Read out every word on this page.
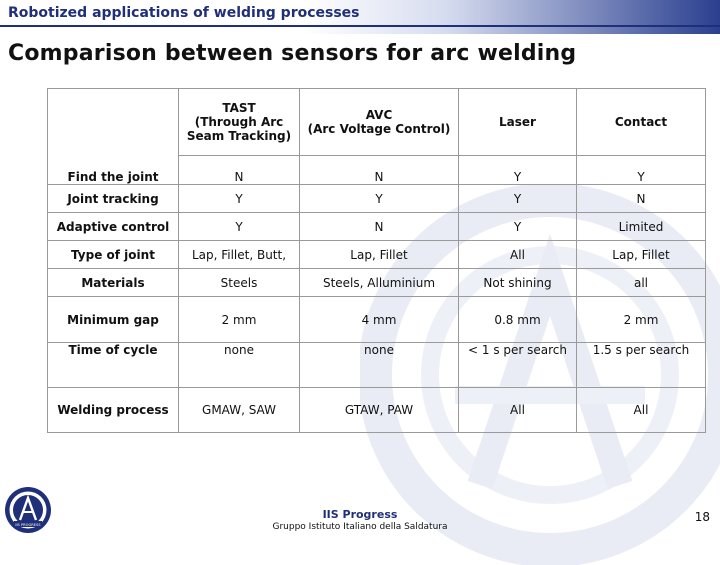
Robotized applications of welding processes
Comparison between sensors for arc welding
	TAST
(Through Arc
Seam Tracking)	AVC
(Arc Voltage Control)	Laser	Contact
Find the joint	N	N	Y	Y
Joint tracking	Y	Y	Y	N
Adaptive control	Y	N	Y	Limited
Type of joint	Lap, Fillet, Butt,	Lap, Fillet	All	Lap, Fillet
Materials	Steels	Steels, Alluminium	Not shining	all
Minimum gap	2 mm	4 mm	0.8 mm	2 mm
Time of cycle	none	none	< 1 s per search	1.5 s per search
Welding process	GMAW, SAW	GTAW, PAW	All	All
IIS PROGRESS
IIS Progress
Gruppo Istituto Italiano della Saldatura
18
